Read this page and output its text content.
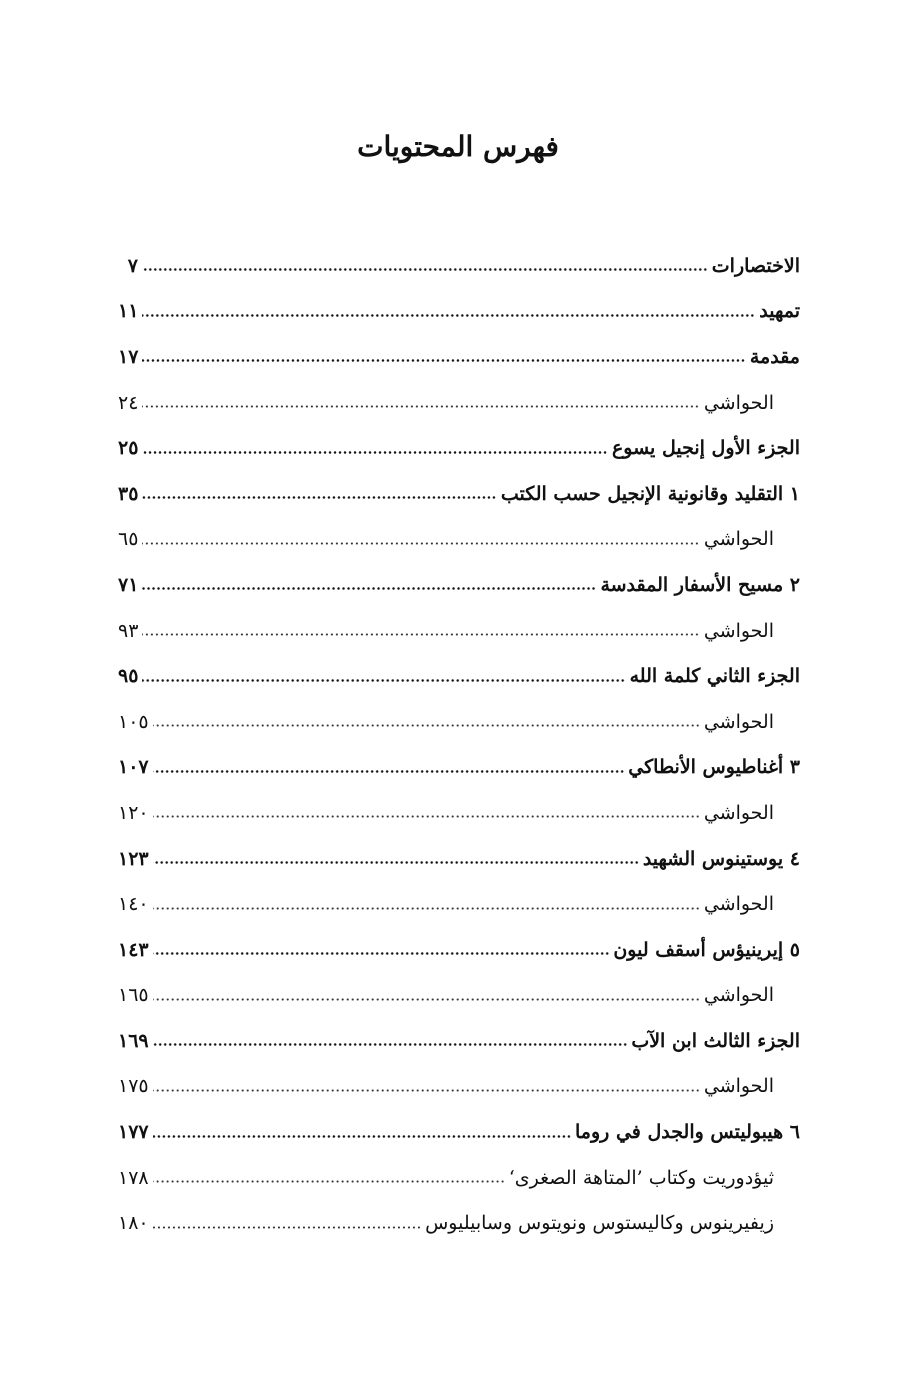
فهرس المحتويات
٧	الاختصارات
١١	تمهيد
١٧	مقدمة
٢٤	الحواشي
٢٥	الجزء الأول إنجيل يسوع
٣٥	١ التقليد وقانونية الإنجيل حسب الكتب
٦٥	الحواشي
٧١	٢ مسيح الأسفار المقدسة
٩٣	الحواشي
٩٥	الجزء الثاني كلمة الله
١٠٥	الحواشي
١٠٧	٣ أغناطيوس الأنطاكي
١٢٠	الحواشي
١٢٣	٤ يوستينوس الشهيد
١٤٠	الحواشي
١٤٣	٥ إيرينيؤس أسقف ليون
١٦٥	الحواشي
١٦٩	الجزء الثالث ابن الآب
١٧٥	الحواشي
١٧٧	٦ هيبوليتس والجدل في روما
١٧٨	ثيؤدوريت وكتاب ’المتاهة الصغرى‘
١٨٠	زيفيرينوس وكاليستوس ونويتوس وسابيليوس
